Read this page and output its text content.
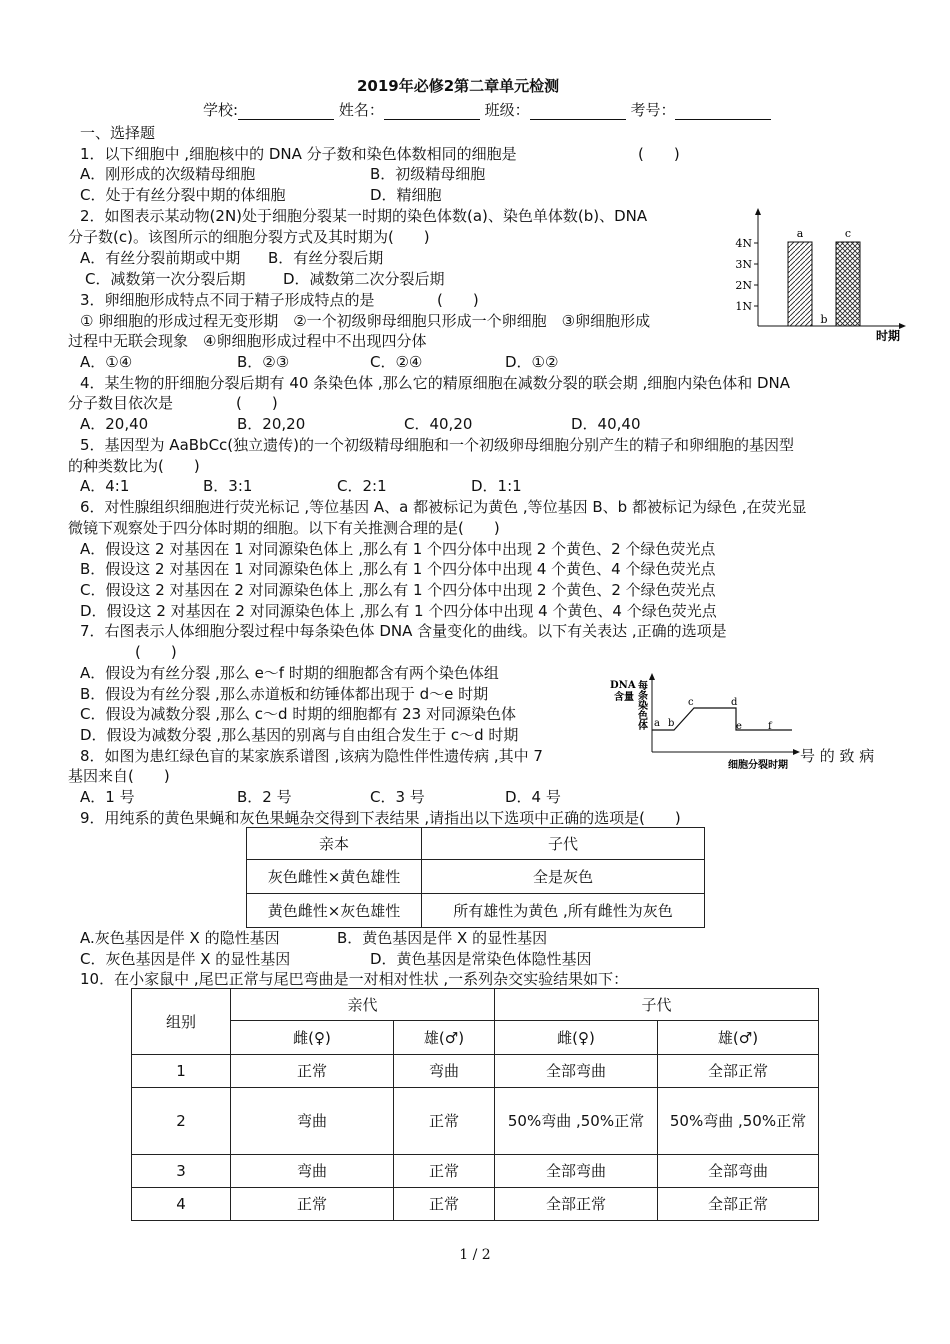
2019年必修2第二章单元检测
学校:	姓名：	班级：	考号：
一、选择题
1．以下细胞中 ,细胞核中的 DNA 分子数和染色体数相同的细胞是	(　　)
A．刚形成的次级精母细胞	B．初级精母细胞
C．处于有丝分裂中期的体细胞	D．精细胞
2．如图表示某动物(2N)处于细胞分裂某一时期的染色体数(a)、染色单体数(b)、DNA
分子数(c)。该图所示的细胞分裂方式及其时期为(　　)
A．有丝分裂前期或中期 B．有丝分裂后期
C．减数第一次分裂后期	D．减数第二次分裂后期
4N
3N
2N
1N
a
b
c
时期
3．卵细胞形成特点不同于精子形成特点的是	(　　)
① 卵细胞的形成过程无变形期　②一个初级卵母细胞只形成一个卵细胞　③卵细胞形成
过程中无联会现象　④卵细胞形成过程中不出现四分体
A．①④	B．②③	C．②④	D．①②
4．某生物的肝细胞分裂后期有 40 条染色体 ,那么它的精原细胞在减数分裂的联会期 ,细胞内染色体和 DNA
分子数目依次是	(　　)
A．20,40	B．20,20	C．40,20	D．40,40
5．基因型为 AaBbCc(独立遗传)的一个初级精母细胞和一个初级卵母细胞分别产生的精子和卵细胞的基因型
的种类数比为(　　)
A．4:1	B．3:1	C．2:1	D．1:1
6．对性腺组织细胞进行荧光标记 ,等位基因 A、a 都被标记为黄色 ,等位基因 B、b 都被标记为绿色 ,在荧光显
微镜下观察处于四分体时期的细胞。以下有关推测合理的是(　　)
A．假设这 2 对基因在 1 对同源染色体上 ,那么有 1 个四分体中出现 2 个黄色、2 个绿色荧光点
B．假设这 2 对基因在 1 对同源染色体上 ,那么有 1 个四分体中出现 4 个黄色、4 个绿色荧光点
C．假设这 2 对基因在 2 对同源染色体上 ,那么有 1 个四分体中出现 2 个黄色、2 个绿色荧光点
D．假设这 2 对基因在 2 对同源染色体上 ,那么有 1 个四分体中出现 4 个黄色、4 个绿色荧光点
7．右图表示人体细胞分裂过程中每条染色体 DNA 含量变化的曲线。以下有关表达 ,正确的选项是
(　　)
A．假设为有丝分裂 ,那么 e～f 时期的细胞都含有两个染色体组
B．假设为有丝分裂 ,那么赤道板和纺锤体都出现于 d～e 时期
C．假设为减数分裂 ,那么 c～d 时期的细胞都有 23 对同源染色体
D．假设为减数分裂 ,那么基因的别离与自由组合发生于 c～d 时期
DNA
含量 每条染色体 a b
c	d
e	f
细胞分裂时期
8．如图为患红绿色盲的某家族系谱图 ,该病为隐性伴性遗传病 ,其中 7	号 的 致 病
基因来自(　　)
A．1 号	B．2 号	C．3 号	D．4 号
9．用纯系的黄色果蝇和灰色果蝇杂交得到下表结果 ,请指出以下选项中正确的选项是(　　)
亲本	子代
灰色雌性×黄色雄性	全是灰色
黄色雌性×灰色雄性	所有雄性为黄色 ,所有雌性为灰色
A.灰色基因是伴 X 的隐性基因	B．黄色基因是伴 X 的显性基因
C．灰色基因是伴 X 的显性基因	D．黄色基因是常染色体隐性基因
10．在小家鼠中 ,尾巴正常与尾巴弯曲是一对相对性状 ,一系列杂交实验结果如下：
组别	亲代		子代	
	雌(♀)	雄(♂)	雌(♀)	雄(♂)
1	正常	弯曲	全部弯曲	全部正常
2	弯曲	正常	50%弯曲 ,50%正常	50%弯曲 ,50%正常
3	弯曲	正常	全部弯曲	全部弯曲
4	正常	正常	全部正常	全部正常
1 / 2
